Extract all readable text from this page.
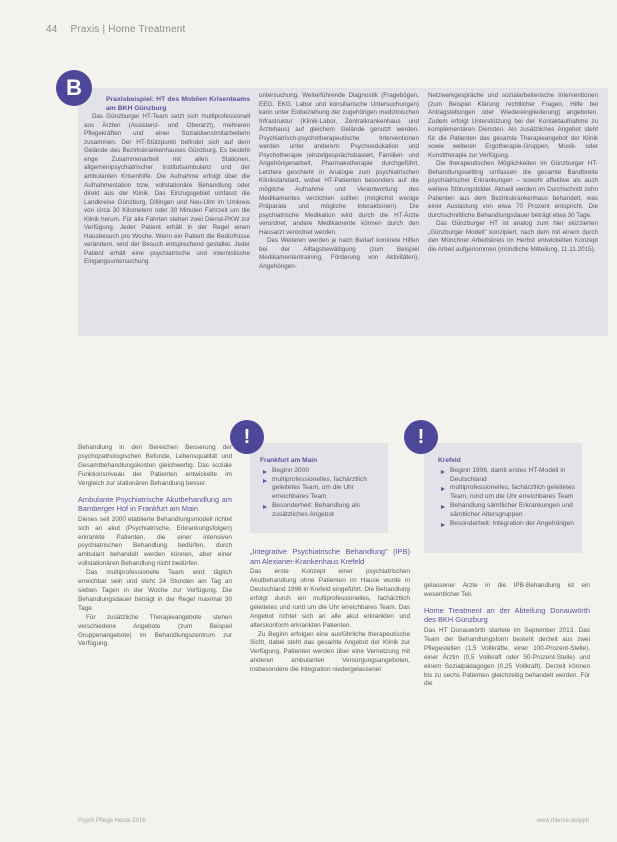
44 Praxis | Home Treatment
B	Praxisbeispiel: HT des Mobilen Krisenteams am BKH Günzburg

Das Günzburger HT-Team setzt sich multiprofessionell aus Ärzten (Assistenz- und Oberarzt), mehreren Pflegekräften und einer Sozialdienstmitarbeiterin zusammen. Der HT-Stützpunkt befindet sich auf dem Gelände des Bezirkskrankenhauses Günzburg. Es besteht enge Zusammenarbeit mit allen Stationen, allgemeinpsychiatrischer Institutsambulanz und der ambulanten Krisenhilfe. Die Aufnahme erfolgt über die Aufnahmestation bzw. vollstationäre Behandlung oder direkt aus der Klinik. Das Einzugsgebiet umfasst die Landkreise Günzburg, Dillingen und Neu-Ulm im Umkreis von circa 30 Kilometern oder 30 Minuten Fahrzeit um die Klinik herum. Für alle Fahrten stehen zwei Dienst-PKW zur Verfügung. Jeder Patient erhält in der Regel einen Hausbesuch pro Woche. Wenn ein Patient die Bedürfnisse verändern, wird der Besuch entsprechend gestaltet. Jeder Patient erhält eine psychiatrische und internistische Eingangsuntersuchung.

untersuchung. Weiterführende Diagnostik (Fragebögen, EEG, EKG, Labor und konsiliarische Untersuchungen) kann unter Einbeziehung der zugehörigen medizinischen Infrastruktur (Klinik-Labor, Zentralkrankenhaus und Ärztehaus) auf gleichem Gelände genutzt werden. Psychiatrisch-psychotherapeutische Interventionen werden unter anderem: Psychoedukation und Psychotherapie (einzelgesprächsbasiert, Familien- und Angehörigenarbeit, Pharmakotherapie durchgeführt. Letztere geschieht in Analogie zum psychiatrischen Klinikstandard, wobei HT-Patienten besonders auf die mögliche Aufnahme und Verantwortung des Medikamentes verzichten sollten (möglichst wenige Präparate und mögliche Interaktionen). Die psychiatrische Medikation wird durch die HT-Ärzte verordnet, andere Medikamente können durch den Hausarzt verordnet werden.

Des Weiteren werden je nach Bedarf konkrete Hilfen bei der Alltagsbewältigung (zum Beispiel Medikamententraining, Förderung von Aktivitäten), Angehörigen-

Netzwerkgespräche und sozialarbeiterische Interventionen (zum Beispiel Klärung rechtlicher Fragen, Hilfe bei Antragstellungen oder Wiedereingliederung) angeboten. Zudem erfolgt Unterstützung bei der Kontaktaufnahme zu komplementären Diensten. Als zusätzliches Angebot steht für die Patienten das gesamte Therapieangebot der Klinik sowie weiteren Ergotherapie-Gruppen, Musik- oder Kunsttherapie zur Verfügung.

Die therapeutischen Möglichkeiten im Günzburger HT-Behandlungssetting umfassen die gesamte Bandbreite psychiatrischer Erkrankungen – sowohl affektive als auch weitere Störungsbilder. Aktuell werden im Durchschnitt zehn Patienten aus dem Bezirkskrankenhaus behandelt, was einer Auslastung von etwa 70 Prozent entspricht. Die durchschnittliche Behandlungsdauer beträgt etwa 30 Tage.

Das Günzburger HT ist analog zum hier skizzierten „Günzburger Modell" konzipiert, nach dem mit einem durch den Münchner Arbeitskreis im Herbst entwickelten Konzept die Arbeit aufgenommen (mündliche Mitteilung, 11.11.2015).

Frankfurt am Main
Beginn 2000
multiprofessionelles, fachärztlich geleitetes Team, um die Uhr erreichbares Team
Besonderheit: Behandlung als zusätzliches Angebot
!
Krefeld
Beginn 1996, damit erstes HT-Modell in Deutschland
multiprofessionelles, fachärztlich geleitetes Team, rund um die Uhr erreichbares Team
Behandlung sämtlicher Erkrankungen und sämtlicher Altersgruppen
Besonderheit: Integration der Angehörigen
!

Behandlung in den Bereichen Besserung der psychopathologischen Befunde, Lebensqualität und Gesamtbehandlungskosten gleichwertig. Das soziale Funktionsniveau der Patienten entwickelte im Vergleich zur stationären Behandlung besser.

Ambulante Psychiatrische Akutbehandlung am Bamberger Hof in Frankfurt am Main

Dieses seit 2000 etablierte Behandlungsmodell richtet sich an akut (Psychiatrische, Erkrankungsfolgen) erkrankte Patienten, die einer intensiven psychiatrischen Behandlung bedürfen, durch ambulant behandelt werden können, aber einer vollstationären Behandlung nicht bedürfen.

Das multiprofessionelle Team wird täglich erreichbar sein und steht 24 Stunden am Tag an sieben Tagen in der Woche zur Verfügung. Die Behandlungsdauer beträgt in der Regel maximal 30 Tage.

Für zusätzliche Therapieangebote stehen verschiedene Angebote (zum Beispiel Gruppenangebote) im Behandlungszentrum zur Verfügung.

„Integrative Psychiatrische Behandlung" (IPB) am Alexianer-Krankenhaus Krefeld

Das erste Konzept einer psychiatrischen Akutbehandlung ohne Patienten im Hause wurde in Deutschland 1996 in Krefeld eingeführt. Die Behandlung erfolgt durch ein multiprofessionelles, fachärztlich geleitetes und rund um die Uhr erreichbares Team. Das Angebot richtet sich an alle akut erkrankten und alterskonform erkrankten Patienten.

Zu Beginn erfolgen eine ausführliche therapeutische Sicht, dabei steht das gesamte Angebot der Klinik zur Verfügung. Patienten werden über eine Vernetzung mit anderen ambulanten Versorgungsangeboten, insbesondere die Integration niedergelassener

gelassener Ärzte in die IPB-Behandlung ist ein wesentlicher Teil.

Home Treatment an der Abteilung Donauwörth des BKH Günzburg

Das HT Donauwörth startete im September 2013. Das Team der Behandlungsform besteht derzeit aus zwei Pflegestellen (1,5 Vollkräfte, einer 100-Prozent-Stelle), einer Ärztin (0,5 Vollkraft oder 50-Prozent-Stelle) und einem Sozialpädagogen (0,25 Vollkraft). Derzeit können bis zu sechs Patienten gleichzeitig behandelt werden. Für die

Psych Pflege Heute 2016	www.thieme.de/pph
